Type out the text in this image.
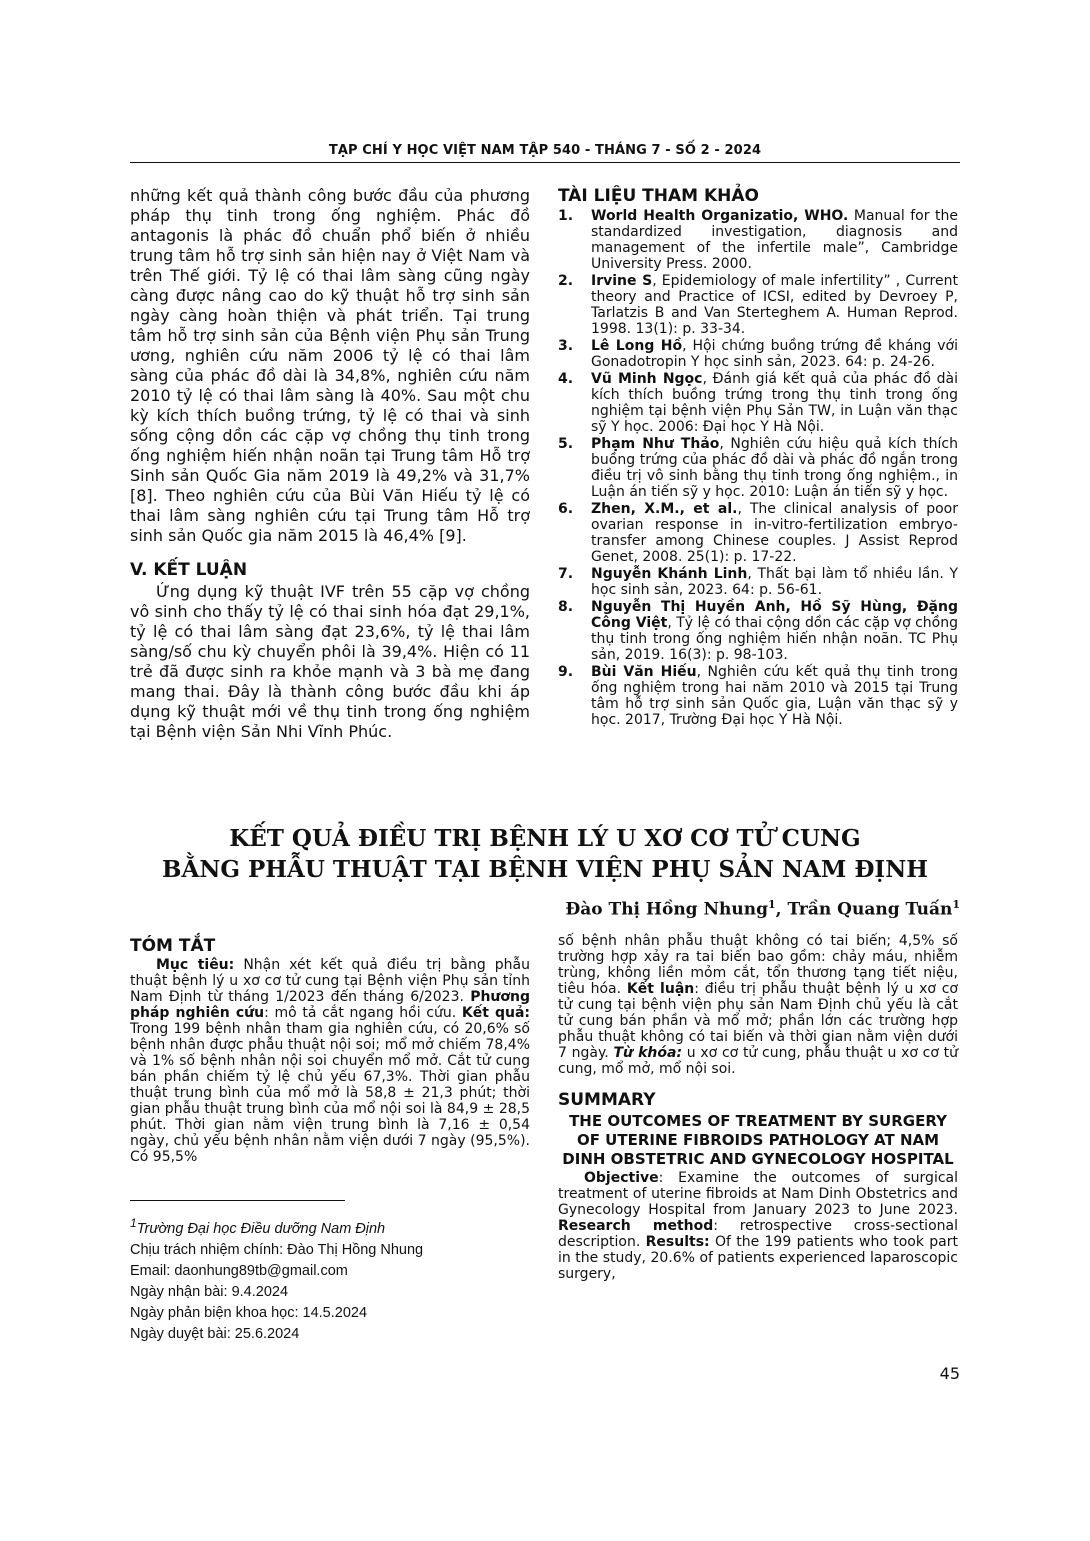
TẠP CHÍ Y HỌC VIỆT NAM TẬP 540 - THÁNG 7 - SỐ 2 - 2024

những kết quả thành công bước đầu của phương pháp thụ tinh trong ống nghiệm. Phác đồ antagonis là phác đồ chuẩn phổ biến ở nhiều trung tâm hỗ trợ sinh sản hiện nay ở Việt Nam và trên Thế giới. Tỷ lệ có thai lâm sàng cũng ngày càng được nâng cao do kỹ thuật hỗ trợ sinh sản ngày càng hoàn thiện và phát triển. Tại trung tâm hỗ trợ sinh sản của Bệnh viện Phụ sản Trung ương, nghiên cứu năm 2006 tỷ lệ có thai lâm sàng của phác đồ dài là 34,8%, nghiên cứu năm 2010 tỷ lệ có thai lâm sàng là 40%. Sau một chu kỳ kích thích buồng trứng, tỷ lệ có thai và sinh sống cộng dồn các cặp vợ chồng thụ tinh trong ống nghiệm hiến nhận noãn tại Trung tâm Hỗ trợ Sinh sản Quốc Gia năm 2019 là 49,2% và 31,7% [8]. Theo nghiên cứu của Bùi Văn Hiếu tỷ lệ có thai lâm sàng nghiên cứu tại Trung tâm Hỗ trợ sinh sản Quốc gia năm 2015 là 46,4% [9].

V. KẾT LUẬN

Ứng dụng kỹ thuật IVF trên 55 cặp vợ chồng vô sinh cho thấy tỷ lệ có thai sinh hóa đạt 29,1%, tỷ lệ có thai lâm sàng đạt 23,6%, tỷ lệ thai lâm sàng/số chu kỳ chuyển phôi là 39,4%. Hiện có 11 trẻ đã được sinh ra khỏe mạnh và 3 bà mẹ đang mang thai. Đây là thành công bước đầu khi áp dụng kỹ thuật mới về thụ tinh trong ống nghiệm tại Bệnh viện Sản Nhi Vĩnh Phúc.

TÀI LIỆU THAM KHẢO
1. World Health Organizatio, WHO. Manual for the standardized investigation, diagnosis and management of the infertile male”, Cambridge University Press. 2000.
2. Irvine S, Epidemiology of male infertility” , Current theory and Practice of ICSI, edited by Devroey P, Tarlatzis B and Van Sterteghem A. Human Reprod. 1998. 13(1): p. 33-34.
3. Lê Long Hồ, Hội chứng buồng trứng đề kháng với Gonadotropin Y học sinh sản, 2023. 64: p. 24-26.
4. Vũ Minh Ngọc, Đánh giá kết quả của phác đồ dài kích thích buồng trứng trong thụ tinh trong ống nghiệm tại bệnh viện Phụ Sản TW, in Luận văn thạc sỹ Y học. 2006: Đại học Y Hà Nội.
5. Phạm Như Thảo, Nghiên cứu hiệu quả kích thích buồng trứng của phác đồ dài và phác đồ ngắn trong điều trị vô sinh bằng thụ tinh trong ống nghiệm., in Luận án tiến sỹ y học. 2010: Luận án tiến sỹ y học.
6. Zhen, X.M., et al., The clinical analysis of poor ovarian response in in-vitro-fertilization embryo-transfer among Chinese couples. J Assist Reprod Genet, 2008. 25(1): p. 17-22.
7. Nguyễn Khánh Linh, Thất bại làm tổ nhiều lần. Y học sinh sản, 2023. 64: p. 56-61.
8. Nguyễn Thị Huyền Anh, Hồ Sỹ Hùng, Đặng Công Việt, Tỷ lệ có thai cộng dồn các cặp vợ chồng thụ tinh trong ống nghiệm hiến nhận noãn. TC Phụ sản, 2019. 16(3): p. 98-103.
9. Bùi Văn Hiếu, Nghiên cứu kết quả thụ tinh trong ống nghiệm trong hai năm 2010 và 2015 tại Trung tâm hỗ trợ sinh sản Quốc gia, Luận văn thạc sỹ y học. 2017, Trường Đại học Y Hà Nội.
KẾT QUẢ ĐIỀU TRỊ BỆNH LÝ U XƠ CƠ TỬ CUNG
BẰNG PHẪU THUẬT TẠI BỆNH VIỆN PHỤ SẢN NAM ĐỊNH
Đào Thị Hồng Nhung$^1$, Trần Quang Tuấn$^1$
TÓM TẮT

Mục tiêu: Nhận xét kết quả điều trị bằng phẫu thuật bệnh lý u xơ cơ tử cung tại Bệnh viện Phụ sản tỉnh Nam Định từ tháng 1/2023 đến tháng 6/2023. Phương pháp nghiên cứu: mô tả cắt ngang hồi cứu. Kết quả: Trong 199 bệnh nhân tham gia nghiên cứu, có 20,6% số bệnh nhân được phẫu thuật nội soi; mổ mở chiếm 78,4% và 1% số bệnh nhân nội soi chuyển mổ mở. Cắt tử cung bán phần chiếm tỷ lệ chủ yếu 67,3%. Thời gian phẫu thuật trung bình của mổ mở là 58,8 ± 21,3 phút; thời gian phẫu thuật trung bình của mổ nội soi là 84,9 ± 28,5 phút. Thời gian nằm viện trung bình là 7,16 ± 0,54 ngày, chủ yếu bệnh nhân nằm viện dưới 7 ngày (95,5%). Có 95,5%

$^1$Trường Đại học Điều dưỡng Nam Định
Chịu trách nhiệm chính: Đào Thị Hồng Nhung
Email: daonhung89tb@gmail.com
Ngày nhận bài: 9.4.2024
Ngày phản biện khoa học: 14.5.2024
Ngày duyệt bài: 25.6.2024

số bệnh nhân phẫu thuật không có tai biến; 4,5% số trường hợp xảy ra tai biến bao gồm: chảy máu, nhiễm trùng, không liền mỏm cắt, tổn thương tạng tiết niệu, tiêu hóa. Kết luận: điều trị phẫu thuật bệnh lý u xơ cơ tử cung tại bệnh viện phụ sản Nam Định chủ yếu là cắt tử cung bán phần và mổ mở; phần lớn các trường hợp phẫu thuật không có tai biến và thời gian nằm viện dưới 7 ngày. Từ khóa: u xơ cơ tử cung, phẫu thuật u xơ cơ tử cung, mổ mở, mổ nội soi.

SUMMARY
THE OUTCOMES OF TREATMENT BY SURGERY OF UTERINE FIBROIDS PATHOLOGY AT NAM DINH OBSTETRIC AND GYNECOLOGY HOSPITAL

Objective: Examine the outcomes of surgical treatment of uterine fibroids at Nam Dinh Obstetrics and Gynecology Hospital from January 2023 to June 2023. Research method: retrospective cross-sectional description. Results: Of the 199 patients who took part in the study, 20.6% of patients experienced laparoscopic surgery,

45
